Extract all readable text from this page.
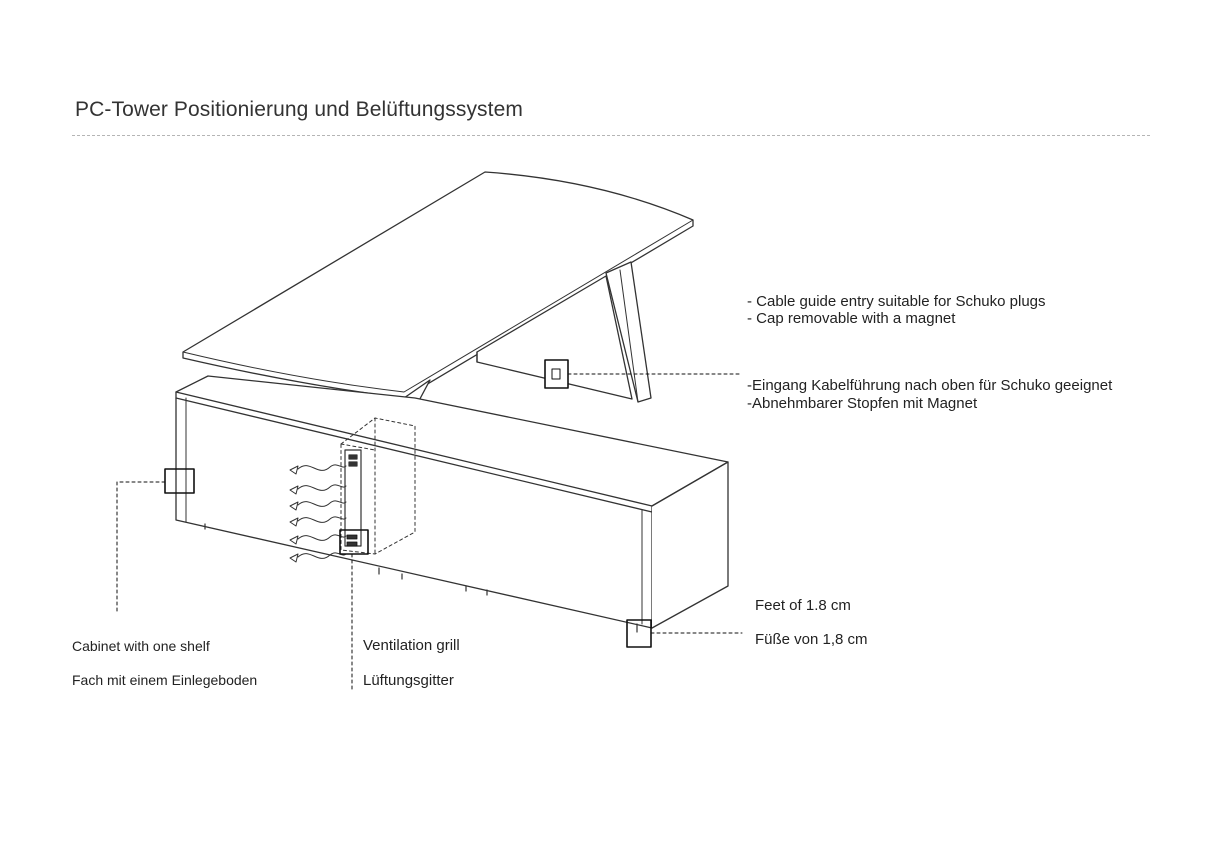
PC-Tower Positionierung und Belüftungssystem
- Cable guide entry suitable for Schuko plugs
- Cap removable with a magnet
-Eingang Kabelführung nach oben für Schuko geeignet
-Abnehmbarer Stopfen mit Magnet
Feet of 1.8 cm
Füße von 1,8 cm
Cabinet with one shelf
Fach mit einem Einlegeboden
Ventilation grill
Lüftungsgitter
